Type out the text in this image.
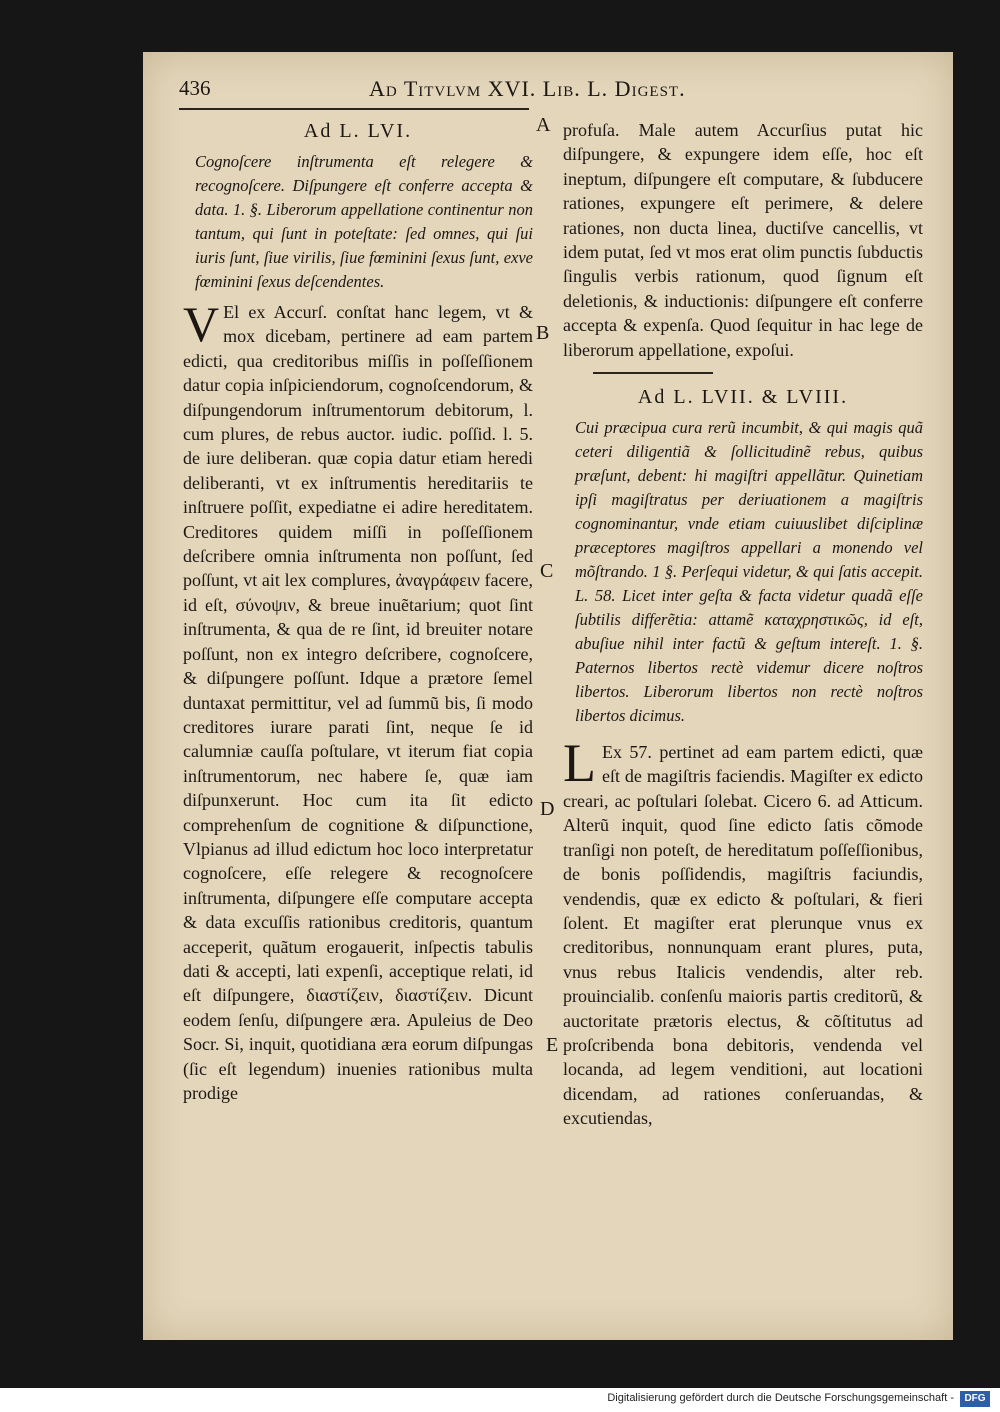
436	Ad Titvlvm XVI. Lib. L. Digest.

Ad L. LVI.

Cognoſcere inſtrumenta eſt relegere & recognoſcere. Diſpungere eſt conferre accepta & data. 1. §. Liberorum appellatione continentur non tantum, qui ſunt in poteſtate: ſed omnes, qui ſui iuris ſunt, ſiue virilis, ſiue fœminini ſexus ſunt, exve fœminini ſexus deſcendentes.

V El ex Accurſ. conſtat hanc legem, vt & mox dicebam, pertinere ad eam partem edicti, qua creditoribus miſſis in poſſeſſionem datur copia inſpiciendorum, cognoſcendorum, & diſpungendorum inſtrumentorum debitorum, l. cum plures, de rebus auctor. iudic. poſſid. l. 5. de iure deliberan. quæ copia datur etiam heredi deliberanti, vt ex inſtrumentis hereditariis te inſtruere poſſit, expediatne ei adire hereditatem. Creditores quidem miſſi in poſſeſſionem deſcribere omnia inſtrumenta non poſſunt, ſed poſſunt, vt ait lex complures, ἀναγράφειν facere, id eſt, σύνοψιν, & breue inuẽtarium; quot ſint inſtrumenta, & qua de re ſint, id breuiter notare poſſunt, non ex integro deſcribere, cognoſcere, & diſpungere poſſunt. Idque a prætore ſemel duntaxat permittitur, vel ad ſummũ bis, ſi modo creditores iurare parati ſint, neque ſe id calumniæ cauſſa poſtulare, vt iterum fiat copia inſtrumentorum, nec habere ſe, quæ iam diſpunxerunt. Hoc cum ita ſit edicto comprehenſum de cognitione & diſpunctione, Vlpianus ad illud edictum hoc loco interpretatur cognoſcere, eſſe relegere & recognoſcere inſtrumenta, diſpungere eſſe computare accepta & data excuſſis rationibus creditoris, quantum acceperit, quãtum erogauerit, inſpectis tabulis dati & accepti, lati expenſi, acceptique relati, id eſt diſpungere, διαστίζειν, διαστίζειν. Dicunt eodem ſenſu, diſpungere æra. Apuleius de Deo Socr. Si, inquit, quotidiana æra eorum diſpungas (ſic eſt legendum) inuenies rationibus multa prodige

profuſa. Male autem Accurſius putat hic diſpungere, & expungere idem eſſe, hoc eſt ineptum, diſpungere eſt computare, & ſubducere rationes, expungere eſt perimere, & delere rationes, non ducta linea, ductiſve cancellis, vt idem putat, ſed vt mos erat olim punctis ſubductis ſingulis verbis rationum, quod ſignum eſt deletionis, & inductionis: diſpungere eſt conferre accepta & expenſa. Quod ſequitur in hac lege de liberorum appellatione, expoſui.

Ad L. LVII. & LVIII.

Cui præcipua cura rerũ incumbit, & qui magis quã ceteri diligentiã & ſollicitudinẽ rebus, quibus præſunt, debent: hi magiſtri appellãtur. Quinetiam ipſi magiſtratus per deriuationem a magiſtris cognominantur, vnde etiam cuiuuslibet diſciplinæ præceptores magiſtros appellari a monendo vel mõſtrando. 1 §. Perſequi videtur, & qui ſatis accepit. L. 58. Licet inter geſta & facta videtur quadã eſſe ſubtilis differẽtia: attamẽ καταχρηστικῶς, id eſt, abuſiue nihil inter factũ & geſtum intereſt. 1. §. Paternos libertos rectè videmur dicere noſtros libertos. Liberorum libertos non rectè noſtros libertos dicimus.

L Ex 57. pertinet ad eam partem edicti, quæ eſt de magiſtris faciendis. Magiſter ex edicto creari, ac poſtulari ſolebat. Cicero 6. ad Atticum. Alterũ inquit, quod ſine edicto ſatis cõmode tranſigi non poteſt, de hereditatum poſſeſſionibus, de bonis poſſidendis, magiſtris faciundis, vendendis, quæ ex edicto & poſtulari, & fieri ſolent. Et magiſter erat plerunque vnus ex creditoribus, nonnunquam erant plures, puta, vnus rebus Italicis vendendis, alter reb. prouincialib. conſenſu maioris partis creditorũ, & auctoritate prætoris electus, & cõſtitutus ad proſcribenda bona debitoris, vendenda vel locanda, ad legem venditioni, aut locationi dicendam, ad rationes conſeruandas, & excutiendas,

A
B
C
D
E
Digitalisierung gefördert durch die Deutsche Forschungsgemeinschaft -	DFG
